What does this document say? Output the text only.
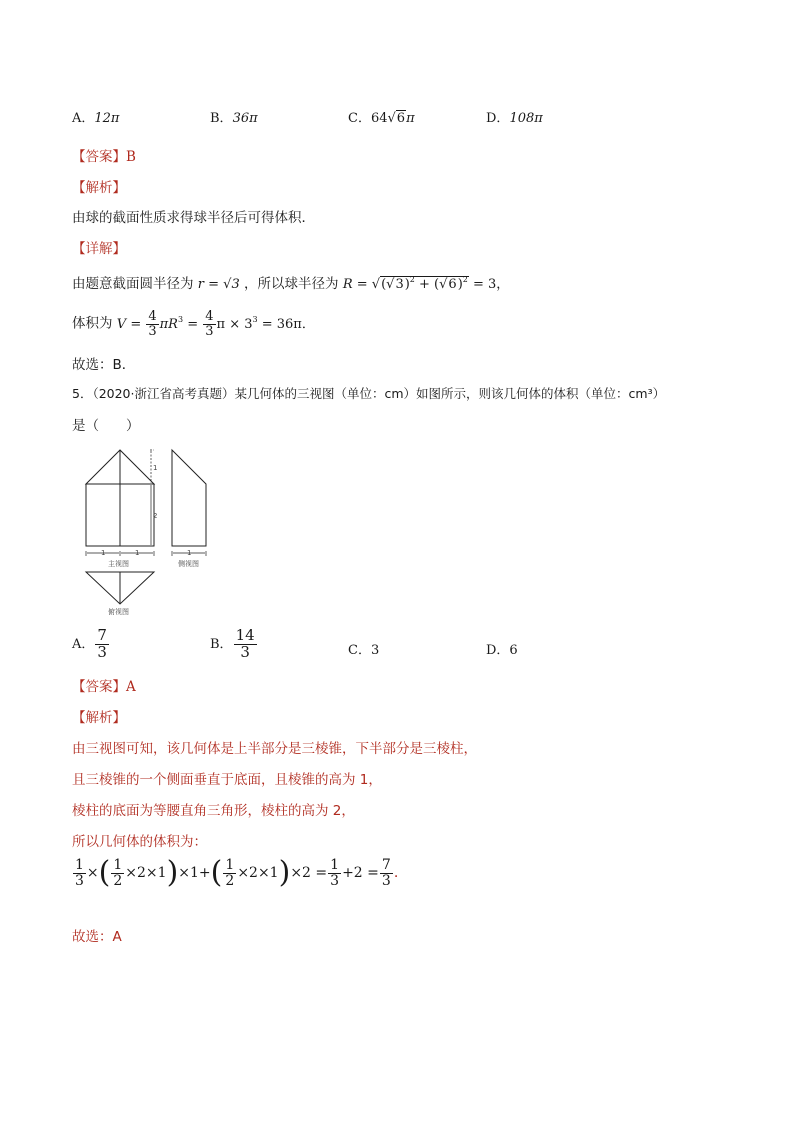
A．12π	B．36π	C．64√6π	D．108π
【答案】B
【解析】
由球的截面性质求得球半径后可得体积．
【详解】
由题意截面圆半径为 r = √3 ，所以球半径为 $R = √(√3)^2 + (√6)^2 = 3$，
体积为 $V = \frac{4}{3} \pi R^3 = \frac{4}{3}$ $\pi \times 3^3 = 36\pi$．
故选：B．
5．（2020·浙江省高考真题）某几何体的三视图（单位：cm）如图所示，则该几何体的体积（单位：cm³）
是（　　）
1
2
1	1
主视图
1
侧视图
俯视图
A． $\frac{7}{3}$	B． $\frac{14}{3}$	C．3	D．6
【答案】A
【解析】
由三视图可知，该几何体是上半部分是三棱锥，下半部分是三棱柱，
且三棱锥的一个侧面垂直于底面，且棱锥的高为 1，
棱柱的底面为等腰直角三角形，棱柱的高为 2，
所以几何体的体积为：
$\frac{1}{3}$ × ( $\frac{1}{2} \times 2\times 1$ ) ×1+ ( $\frac{1}{2} \times 2\times 1$ ) $\times 2 = \frac{1}{3} +2 = \frac{7}{3}$ .
故选：A
